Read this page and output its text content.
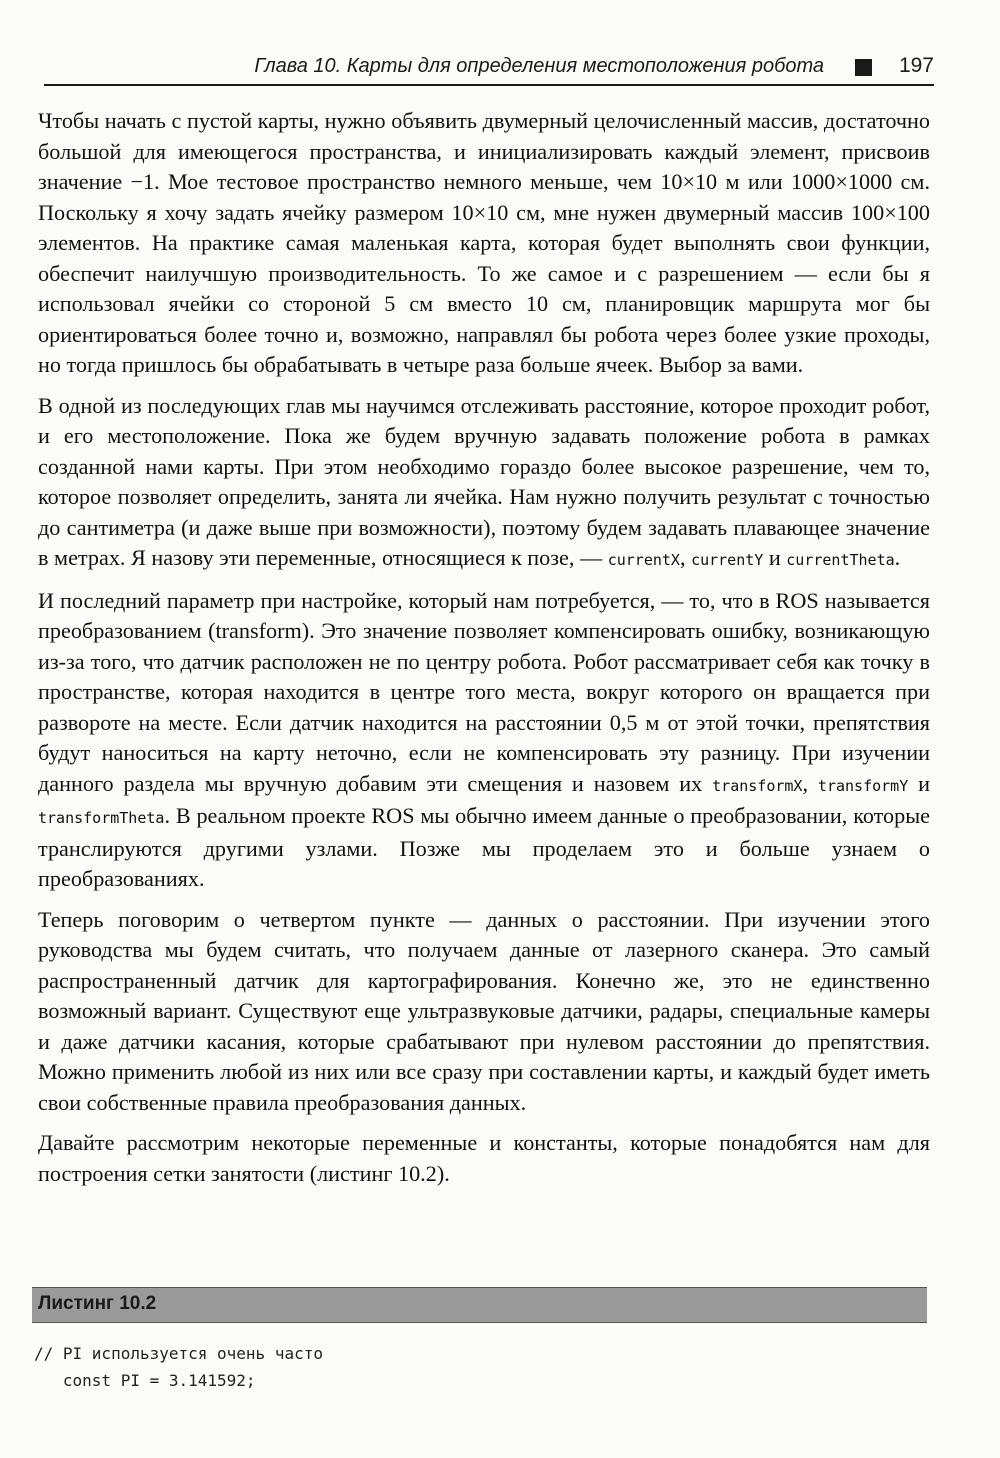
Глава 10. Карты для определения местоположения робота	197

Чтобы начать с пустой карты, нужно объявить двумерный целочисленный массив, достаточно большой для имеющегося пространства, и инициализировать каждый элемент, присвоив значение −1. Мое тестовое пространство немного меньше, чем 10×10 м или 1000×1000 см. Поскольку я хочу задать ячейку размером 10×10 см, мне нужен двумерный массив 100×100 элементов. На практике самая маленькая карта, которая будет выполнять свои функции, обеспечит наилучшую производительность. То же самое и с разрешением — если бы я использовал ячейки со стороной 5 см вместо 10 см, планировщик маршрута мог бы ориентироваться более точно и, возможно, направлял бы робота через более узкие проходы, но тогда пришлось бы обрабатывать в четыре раза больше ячеек. Выбор за вами.

В одной из последующих глав мы научимся отслеживать расстояние, которое проходит робот, и его местоположение. Пока же будем вручную задавать положение робота в рамках созданной нами карты. При этом необходимо гораздо более высокое разрешение, чем то, которое позволяет определить, занята ли ячейка. Нам нужно получить результат с точностью до сантиметра (и даже выше при возможности), поэтому будем задавать плавающее значение в метрах. Я назову эти переменные, относящиеся к позе, — currentX, currentY и currentTheta.

И последний параметр при настройке, который нам потребуется, — то, что в ROS называется преобразованием (transform). Это значение позволяет компенсировать ошибку, возникающую из-за того, что датчик расположен не по центру робота. Робот рассматривает себя как точку в пространстве, которая находится в центре того места, вокруг которого он вращается при развороте на месте. Если датчик находится на расстоянии 0,5 м от этой точки, препятствия будут наноситься на карту неточно, если не компенсировать эту разницу. При изучении данного раздела мы вручную добавим эти смещения и назовем их transformX, transformY и transformTheta. В реальном проекте ROS мы обычно имеем данные о преобразовании, которые транслируются другими узлами. Позже мы проделаем это и больше узнаем о преобразованиях.

Теперь поговорим о четвертом пункте — данных о расстоянии. При изучении этого руководства мы будем считать, что получаем данные от лазерного сканера. Это самый распространенный датчик для картографирования. Конечно же, это не единственно возможный вариант. Существуют еще ультразвуковые датчики, радары, специальные камеры и даже датчики касания, которые срабатывают при нулевом расстоянии до препятствия. Можно применить любой из них или все сразу при составлении карты, и каждый будет иметь свои собственные правила преобразования данных.

Давайте рассмотрим некоторые переменные и константы, которые понадобятся нам для построения сетки занятости (листинг 10.2).

Листинг 10.2
// PI используется очень часто
const PI = 3.141592;
